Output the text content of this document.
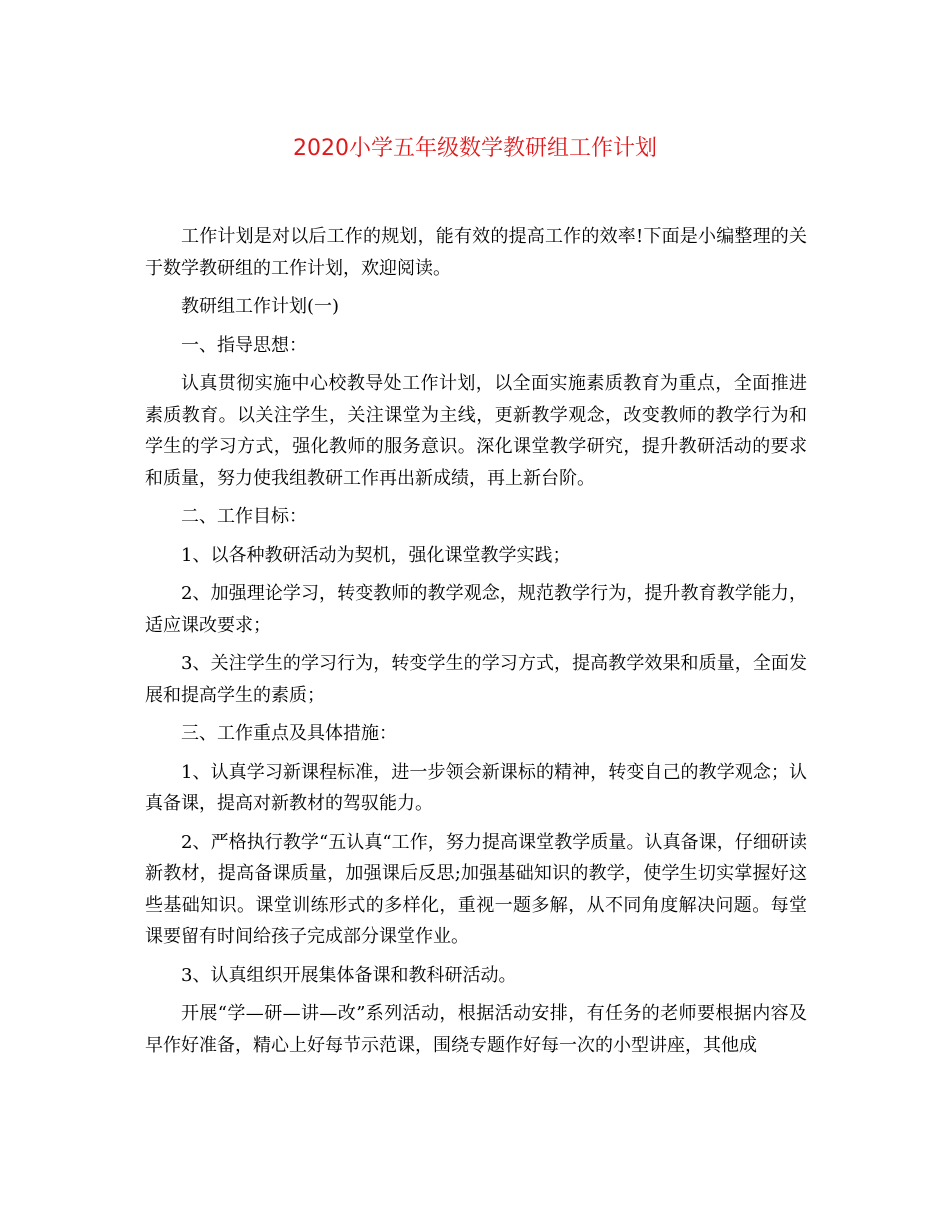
2020小学五年级数学教研组工作计划

工作计划是对以后工作的规划，能有效的提高工作的效率!下面是小编整理的关于数学教研组的工作计划，欢迎阅读。

教研组工作计划(一)

一、指导思想：

认真贯彻实施中心校教导处工作计划，以全面实施素质教育为重点，全面推进素质教育。以关注学生，关注课堂为主线，更新教学观念，改变教师的教学行为和学生的学习方式，强化教师的服务意识。深化课堂教学研究，提升教研活动的要求和质量，努力使我组教研工作再出新成绩，再上新台阶。

二、工作目标：

1、以各种教研活动为契机，强化课堂教学实践；

2、加强理论学习，转变教师的教学观念，规范教学行为，提升教育教学能力，适应课改要求；

3、关注学生的学习行为，转变学生的学习方式，提高教学效果和质量，全面发展和提高学生的素质；

三、工作重点及具体措施：

1、认真学习新课程标准，进一步领会新课标的精神，转变自己的教学观念；认真备课，提高对新教材的驾驭能力。

2、严格执行教学“五认真“工作，努力提高课堂教学质量。认真备课，仔细研读新教材，提高备课质量，加强课后反思;加强基础知识的教学，使学生切实掌握好这些基础知识。课堂训练形式的多样化，重视一题多解，从不同角度解决问题。每堂课要留有时间给孩子完成部分课堂作业。

3、认真组织开展集体备课和教科研活动。

开展“学—研—讲—改”系列活动，根据活动安排，有任务的老师要根据内容及早作好准备，精心上好每节示范课，围绕专题作好每一次的小型讲座，其他成
